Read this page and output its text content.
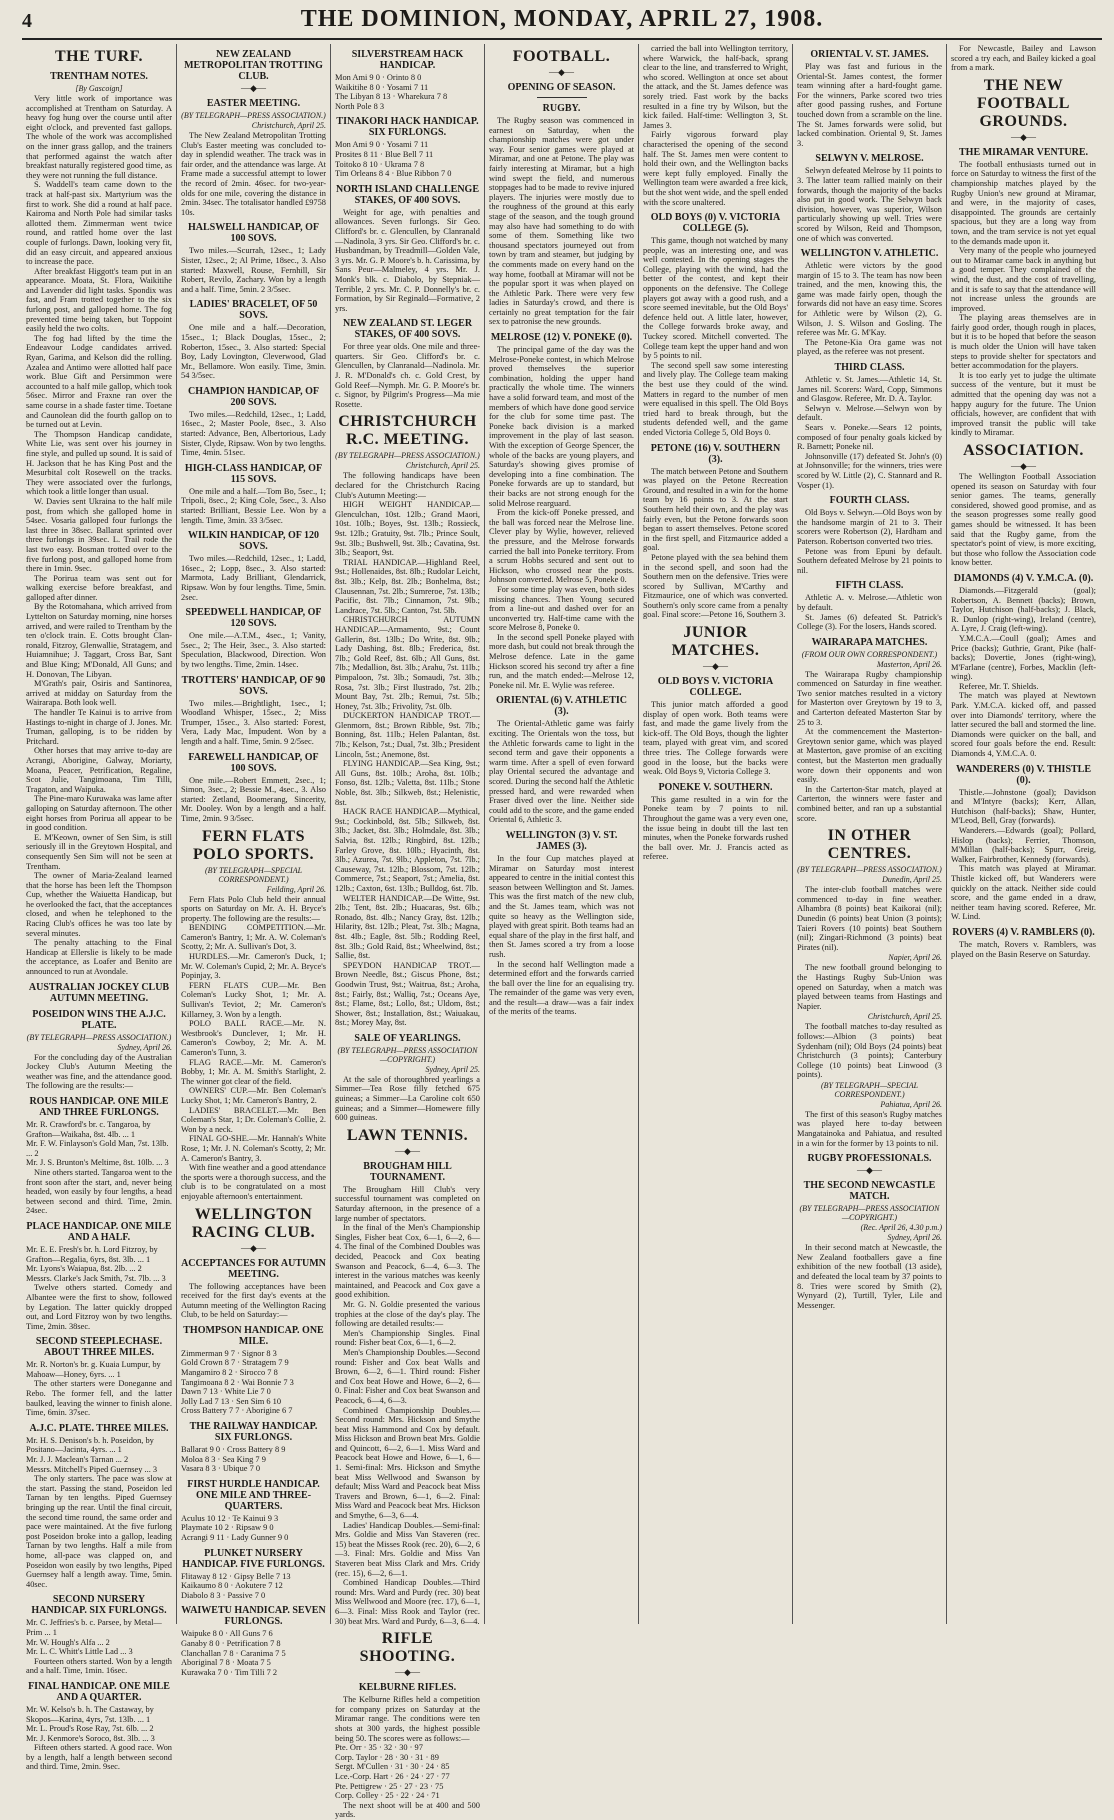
4	THE DOMINION, MONDAY, APRIL 27, 1908.
THE TURF.
TRENTHAM NOTES.
[By Gascoign]

Very little work of importance was accomplished at Trentham on Saturday. A heavy fog hung over the course until after eight o'clock, and prevented fast gallops. The whole of the work was accomplished on the inner grass gallop, and the trainers that performed against the watch after breakfast naturally registered good time, as they were not running the full distance.

S. Waddell's team came down to the track at half-past six. Martyrium was the first to work. She did a round at half pace. Kairoma and North Pole had similar tasks allotted them. Zimmerman went twice round, and rattled home over the last couple of furlongs. Dawn, looking very fit, did an easy circuit, and appeared anxious to increase the pace.

After breakfast Higgott's team put in an appearance. Moata, St. Flora, Waikitihe and Lavender did light tasks. Spondix was fast, and Fram trotted together to the six furlong post, and galloped home. The fog prevented time being taken, but Toppoint easily held the two colts.

The fog had lifted by the time the Endeavour Lodge candidates arrived. Ryan, Garima, and Kelson did the rolling. Azalea and Antimo were allotted half pace work. Blue Gift and Persimmon were accounted to a half mile gallop, which took 56sec. Mirror and Fraxne ran over the same course in a shade faster time. Toetane and Caunolean did the fourth gallop on to be turned out at Levin.

The Thompson Handicap candidate, White Lie, was sent over his journey in fine style, and pulled up sound. It is said of H. Jackson that he has King Post and the Mesurbital colt Rosewell on the tracks. They were associated over the furlongs, which took a little longer than usual.

W. Davies sent Ukraina to the half mile post, from which she galloped home in 54sec. Vosaria galloped four furlongs the last three in 38sec. Ballarat sprinted over three furlongs in 39sec. L. Trail rode the last two easy. Bosman trotted over to the five furlong post, and galloped home from there in 1min. 9sec.

The Porirua team was sent out for walking exercise before breakfast, and galloped after dinner.

By the Rotomahana, which arrived from Lyttelton on Saturday morning, nine horses arrived, and were railed to Trentham by the ten o'clock train. E. Cotts brought Clan-ronald, Fitzroy, Glenwallie, Stratagem, and Huiamnihue; J. Taggart, Cross Bar, Sant and Blue King; M'Donald, All Guns; and H. Donovan, The Libyan.

M'Grath's pair, Osiris and Santinorea, arrived at midday on Saturday from the Wairarapa. Both look well.

The handler Te Kainui is to arrive from Hastings to-night in charge of J. Jones. Mr. Truman, galloping, is to be ridden by Pritchard.

Other horses that may arrive to-day are Acrangi, Aborigine, Galway, Moriarty, Moana, Peacer, Petrification, Regaline, Scot Julie, Tangimoana, Tim Tilli, Tragaton, and Waipuka.

The Pine-maro Kuruwaka was lame after galloping on Saturday afternoon. The other eight horses from Porirua all appear to be in good condition.

E. M'Keown, owner of Sen Sim, is still seriously ill in the Greytown Hospital, and consequently Sen Sim will not be seen at Trentham.

The owner of Maria-Zealand learned that the horse has been left the Thompson Cup, whether the Waiuetta Handicap, but he overlooked the fact, that the acceptances closed, and when he telephoned to the Racing Club's offices he was too late by several minutes.

The penalty attaching to the Final Handicap at Ellerslie is likely to be made the acceptance, as Loafer and Benito are announced to run at Avondale.

AUSTRALIAN JOCKEY CLUB AUTUMN MEETING.
POSEIDON WINS THE A.J.C. PLATE.
(BY TELEGRAPH—PRESS ASSOCIATION.)
Sydney, April 26.

For the concluding day of the Australian Jockey Club's Autumn Meeting the weather was fine, and the attendance good. The following are the results:—

ROUS HANDICAP. ONE MILE AND THREE FURLONGS.
Mr. R. Crawford's br. c. Tangaroa, by Grafton—Waikaha, 8st. 4lb. ... 1
Mr. F. W. Finlayson's Gold Man, 7st. 13lb. ... 2
Mr. J. S. Brunton's Meltime, 8st. 10lb. ... 3

Nine others started. Tangaroa went to the front soon after the start, and, never being headed, won easily by four lengths, a head between second and third. Time, 2min. 24sec.

PLACE HANDICAP. ONE MILE AND A HALF.
Mr. E. E. Fresh's br. h. Lord Fitzroy, by Grafton—Regalia, 6yrs, 8st. 3lb. ... 1
Mr. Lyons's Waiapua, 8st. 2lb. ... 2
Messrs. Clarke's Jack Smith, 7st. 7lb. ... 3

Twelve others started. Comedy and Albantee were the first to show, followed by Legation. The latter quickly dropped out, and Lord Fitzroy won by two lengths. Time, 2min. 38sec.

SECOND STEEPLECHASE. ABOUT THREE MILES.
Mr. R. Norton's br. g. Kuaia Lumpur, by Mahoaw—Honey, 6yrs. ... 1

The other starters were Doneganne and Rebo. The former fell, and the latter baulked, leaving the winner to finish alone. Time, 6min. 37sec.

A.J.C. PLATE. THREE MILES.
Mr. H. S. Denison's b. h. Poseidon, by Positano—Jacinta, 4yrs. ... 1
Mr. J. J. Maclean's Tarnan ... 2
Messrs. Mitchell's Piped Guernsey ... 3

The only starters. The pace was slow at the start. Passing the stand, Poseidon led Tarnan by ten lengths. Piped Guernsey bringing up the rear. Until the final circuit, the second time round, the same order and pace were maintained. At the five furlong post Poseidon broke into a gallop, leading Tarnan by two lengths. Half a mile from home, all-pace was clapped on, and Poseidon won easily by two lengths, Piped Guernsey half a length away. Time, 5min. 40sec.

SECOND NURSERY HANDICAP. SIX FURLONGS.
Mr. C. Jeffries's b. c. Parsee, by Metal—Prim ... 1
Mr. W. Hough's Alfa ... 2
Mr. L. C. Whitt's Little Lad ... 3

Fourteen others started. Won by a length and a half. Time, 1min. 16sec.

FINAL HANDICAP. ONE MILE AND A QUARTER.
Mr. W. Kelso's b. h. The Castaway, by Skopos—Karina, 4yrs, 7st. 13lb. ... 1
Mr. L. Proud's Rose Ray, 7st. 6lb. ... 2
Mr. J. Kenmore's Soroco, 8st. 3lb. ... 3

Fifteen others started. A good race. Won by a length, half a length between second and third. Time, 2min. 9sec.

NEW ZEALAND METROPOLITAN TROTTING CLUB.
—◆—
EASTER MEETING.
(BY TELEGRAPH—PRESS ASSOCIATION.)
Christchurch, April 25.

The New Zealand Metropolitan Trotting Club's Easter meeting was concluded to-day in splendid weather. The track was in fair order, and the attendance was large. At Frame made a successful attempt to lower the record of 2min. 46sec. for two-year-olds for one mile, covering the distance in 2min. 34sec. The totalisator handled £9758 10s.

HALSWELL HANDICAP, OF 100 SOVS.

Two miles.—Scurrah, 12sec., 1; Lady Sister, 12sec., 2; Al Prime, 18sec., 3. Also started: Maxwell, Rouse, Fernhill, Sir Robert, Revilo, Zachary. Won by a length and a half. Time, 5min. 2 3/5sec.

LADIES' BRACELET, OF 50 SOVS.

One mile and a half.—Decoration, 15sec., 1; Black Douglas, 15sec., 2; Roberton, 15sec., 3. Also started: Special Boy, Lady Lovington, Cleverwood, Glad Mr., Bellamore. Won easily. Time, 3min. 54 3/5sec.

CHAMPION HANDICAP, OF 200 SOVS.

Two miles.—Redchild, 12sec., 1; Ladd, 16sec., 2; Master Poole, 8sec., 3. Also started: Advance, Ben, Albertorious, Lady Sister, Clyde, Ripsaw. Won by two lengths. Time, 4min. 51sec.

HIGH-CLASS HANDICAP, OF 115 SOVS.

One mile and a half.—Tom Bo, 5sec., 1; Tripoli, 8sec., 2; King Cole, 5sec., 3. Also started: Brilliant, Bessie Lee. Won by a length. Time, 3min. 33 3/5sec.

WILKIN HANDICAP, OF 120 SOVS.

Two miles.—Redchild, 12sec., 1; Ladd, 16sec., 2; Lopp, 8sec., 3. Also started: Marmota, Lady Brilliant, Glendarrick, Ripsaw. Won by four lengths. Time, 5min. 2sec.

SPEEDWELL HANDICAP, OF 120 SOVS.

One mile.—A.T.M., 4sec., 1; Vanity, 5sec., 2; The Heir, 3sec., 3. Also started: Speculation, Blackwood, Direction. Won by two lengths. Time, 2min. 14sec.

TROTTERS' HANDICAP, OF 90 SOVS.

Two miles.—Brightlight, 1sec., 1; Woodland Whisper, 15sec., 2; Miss Trumper, 15sec., 3. Also started: Forest, Vera, Lady Mac, Impudent. Won by a length and a half. Time, 5min. 9 2/5sec.

FAREWELL HANDICAP, OF 100 SOVS.

One mile.—Robert Emmett, 2sec., 1; Simon, 3sec., 2; Bessie M., 4sec., 3. Also started: Zetland, Boomerang, Sincerity, Mr. Dooley. Won by a length and a half. Time, 2min. 9 3/5sec.

FERN FLATS POLO SPORTS.
(BY TELEGRAPH—SPECIAL CORRESPONDENT.)
Feilding, April 26.

Fern Flats Polo Club held their annual sports on Saturday on Mr. A. H. Bryce's property. The following are the results:—

BENDING COMPETITION.—Mr. Cameron's Bantry, 1; Mr. A. W. Coleman's Scotty, 2; Mr. A. Sullivan's Dot, 3.

HURDLES.—Mr. Cameron's Duck, 1; Mr. W. Coleman's Cupid, 2; Mr. A. Bryce's Popinjay, 3.

FERN FLATS CUP.—Mr. Ben Coleman's Lucky Shot, 1; Mr. A. Sullivan's Teviot, 2; Mr. Cameron's Killarney, 3. Won by a length.

POLO BALL RACE.—Mr. N. Westbrook's Dunclever, 1; Mr. H. Cameron's Cowboy, 2; Mr. A. M. Cameron's Tunn, 3.

FLAG RACE.—Mr. M. Cameron's Bobby, 1; Mr. A. M. Smith's Starlight, 2. The winner got clear of the field.

OWNERS' CUP.—Mr. Ben Coleman's Lucky Shot, 1; Mr. Cameron's Bantry, 2.

LADIES' BRACELET.—Mr. Ben Coleman's Star, 1; Dr. Coleman's Collie, 2. Won by a neck.

FINAL GO-SHE.—Mr. Hannah's White Rose, 1; Mr. J. N. Coleman's Scotty, 2; Mr. A. Cameron's Bantry, 3.

With fine weather and a good attendance the sports were a thorough success, and the club is to be congratulated on a most enjoyable afternoon's entertainment.

WELLINGTON RACING CLUB.
—◆—
ACCEPTANCES FOR AUTUMN MEETING.

The following acceptances have been received for the first day's events at the Autumn meeting of the Wellington Racing Club, to be held on Saturday:—

THOMPSON HANDICAP. ONE MILE.
Zimmerman 9 7 · Signor 8 3
Gold Crown 8 7 · Stratagem 7 9
Mangamiro 8 2 · Sirocco 7 8
Tangimoana 8 2 · Wai Bonnie 7 3
Dawn 7 13 · White Lie 7 0
Jolly Lad 7 13 · Sen Sim 6 10
Cross Battery 7 7 · Aborigine 6 7
THE RAILWAY HANDICAP. SIX FURLONGS.
Ballarat 9 0 · Cross Battery 8 9
Moloa 8 3 · Sea King 7 9
Vasara 8 3 · Ubique 7 0
FIRST HURDLE HANDICAP. ONE MILE AND THREE-QUARTERS.
Aculus 10 12 · Te Kainui 9 3
Playmate 10 2 · Ripsaw 9 0
Acrangi 9 11 · Lady Gunner 9 0
PLUNKET NURSERY HANDICAP. FIVE FURLONGS.
Flitaway 8 12 · Gipsy Belle 7 13
Kaikaumo 8 0 · Aokutere 7 12
Diabolo 8 3 · Passive 7 0
WAIWETU HANDICAP. SEVEN FURLONGS.
Waipuke 8 0 · All Guns 7 6
Ganaby 8 0 · Petrification 7 8
Clanchallan 7 8 · Caranima 7 5
Aboriginal 7 8 · Moata 7 5
Kurawaka 7 0 · Tim Tilli 7 2
SILVERSTREAM HACK HANDICAP.
Mon Ami 9 0 · Orinto 8 0
Waikitihe 8 0 · Yosami 7 11
The Libyan 8 13 · Wharekura 7 8
North Pole 8 3
TINAKORI HACK HANDICAP. SIX FURLONGS.
Mon Ami 9 0 · Yosami 7 11
Prosites 8 11 · Blue Bell 7 11
Toitoko 8 10 · Ukrama 7 8
Tim Orleans 8 4 · Blue Ribbon 7 0
NORTH ISLAND CHALLENGE STAKES, OF 400 SOVS.

Weight for age, with penalties and allowances. Seven furlongs. Sir Geo. Clifford's br. c. Glencullen, by Clanranald—Nadinola, 3 yrs. Sir Geo. Clifford's br. c. Husbandman, by Treadmill—Golden Vale, 3 yrs. Mr. G. P. Moore's b. h. Carissima, by Sans Peur—Malmeley, 4 yrs. Mr. J. Monk's blk. c. Diabolo, by Stepniak—Terrible, 2 yrs. Mr. C. P. Donnelly's br. c. Formation, by Sir Reginald—Formative, 2 yrs.

NEW ZEALAND ST. LEGER STAKES, OF 400 SOVS.

For three year olds. One mile and three-quarters. Sir Geo. Clifford's br. c. Glencullen, by Clanranald—Nadinola. Mr. J. R. M'Donald's ch. c. Gold Crest, by Gold Reef—Nymph. Mr. G. P. Moore's br. c. Signor, by Pilgrim's Progress—Ma mie Rosette.

CHRISTCHURCH R.C. MEETING.
(BY TELEGRAPH—PRESS ASSOCIATION.)
Christchurch, April 25.

The following handicaps have been declared for the Christchurch Racing Club's Autumn Meeting:—

HIGH WEIGHT HANDICAP.—Glenculchan, 10st. 12lb.; Grand Maori, 10st. 10lb.; Boyes, 9st. 13lb.; Rossieck, 9st. 12lb.; Gratuity, 9st. 7lb.; Prince Soult, 9st. 3lb.; Bushwell, 9st. 3lb.; Cavatina, 9st. 3lb.; Seaport, 9st.

TRIAL HANDICAP.—Highland Reel, 9st.; Hollenaides, 8st. 8lb.; Rudolar Leicht, 8st. 3lb.; Kelp, 8st. 2lb.; Bonhelma, 8st.; Clausennan, 7st. 2lb.; Sumreroe, 7st. 13lb.; Pacific, 8st. 7lb.; Cinnamon, 7st. 9lb.; Landrace, 7st. 5lb.; Canton, 7st. 5lb.

CHRISTCHURCH AUTUMN HANDICAP.—Armamento, 9st.; Count Gallerin, 8st. 13lb.; Do Write, 8st. 9lb.; Lady Dashing, 8st. 8lb.; Frederica, 8st. 7lb.; Gold Reef, 8st. 6lb.; All Guns, 8st. 7lb.; Medallion, 8st. 3lb.; Arahu, 7st. 11lb.; Pimpaloon, 7st. 3lb.; Somaudi, 7st. 3lb.; Rosa, 7st. 3lb.; First Ilustrado, 7st. 2lb.; Mount Bay, 7st. 2lb.; Remui, 7st. 5lb.; Honey, 7st. 3lb.; Frivolity, 7st. 0lb.

DUCKERTON HANDICAP TROT.—Glenmorn, 8st.; Brown Ribble, 9st. 7lb.; Bonning, 8st. 11lb.; Helen Palantan, 8st. 7lb.; Kelson, 7st.; Dual, 7st. 3lb.; President Lincoln, 5st.; Anemone, 8st.

FLYING HANDICAP.—Sea King, 9st.; All Guns, 8st. 10lb.; Aroha, 8st. 10lb.; Fonso, 8st. 12lb.; Valetta, 8st. 11lb.; Stone Noble, 8st. 3lb.; Silkweb, 8st.; Helenistic, 8st.

HACK RACE HANDICAP.—Mythical, 9st.; Cockinbold, 8st. 5lb.; Silkweb, 8st. 3lb.; Jacket, 8st. 3lb.; Holmdale, 8st. 3lb.; Salvia, 8st. 12lb.; Ringbird, 8st. 12lb.; Farley Grove, 8st. 10lb.; Hyacinth, 8st. 3lb.; Azurea, 7st. 9lb.; Appleton, 7st. 7lb.; Causeway, 7st. 12lb.; Blossom, 7st. 12lb.; Commerce, 7st.; Seaport, 7st.; Amelia, 8st. 12lb.; Caxton, 6st. 13lb.; Bulldog, 6st. 7lb.

WELTER HANDICAP.—De Witte, 9st. 2lb.; Tent, 8st. 2lb.; Huacaras, 9st. 6lb.; Ronado, 8st. 4lb.; Nancy Gray, 8st. 12lb.; Hilarity, 8st. 12lb.; Pleat, 7st. 3lb.; Magna, 8st. 4lb.; Eagle, 8st. 5lb.; Rodding Reel, 8st. 3lb.; Gold Raid, 8st.; Wheelwind, 8st.; Sallie, 8st.

SPEYDON HANDICAP TROT.—Brown Needle, 8st.; Giscus Phone, 8st.; Goodwin Trust, 9st.; Waitrua, 8st.; Aroha, 8st.; Fairly, 8st.; Walliq, 7st.; Oceans Aye, 8st.; Flame, 8st.; Lollo, 8st.; Uldom, 8st.; Shower, 8st.; Installation, 8st.; Waiuakau, 8st.; Morey May, 8st.

SALE OF YEARLINGS.
(BY TELEGRAPH—PRESS ASSOCIATION—COPYRIGHT.)
Sydney, April 25.

At the sale of thoroughbred yearlings a Simmer—Tea Rose filly fetched 675 guineas; a Simmer—La Caroline colt 650 guineas; and a Simmer—Homewere filly 600 guineas.

LAWN TENNIS.
—◆—
BROUGHAM HILL TOURNAMENT.

The Brougham Hill Club's very successful tournament was completed on Saturday afternoon, in the presence of a large number of spectators.

In the final of the Men's Championship Singles, Fisher beat Cox, 6—1, 6—2, 6—4. The final of the Combined Doubles was decided, Peacock and Cox beating Swanson and Peacock, 6—4, 6—3. The interest in the various matches was keenly maintained, and Peacock and Cox gave a good exhibition.

Mr. G. N. Goldie presented the various trophies at the close of the day's play. The following are detailed results:—

Men's Championship Singles. Final round: Fisher beat Cox, 6—1, 6—2.

Men's Championship Doubles.—Second round: Fisher and Cox beat Walls and Brown, 6—2, 6—1. Third round: Fisher and Cox beat Howe and Howe, 6—2, 6—0. Final: Fisher and Cox beat Swanson and Peacock, 6—4, 6—3.

Combined Championship Doubles.—Second round: Mrs. Hickson and Smythe beat Miss Hammond and Cox by default. Miss Hickson and Brown beat Mrs. Goldie and Quincott, 6—2, 6—1. Miss Ward and Peacock beat Howe and Howe, 6—1, 6—1. Semi-final: Mrs. Hickson and Smythe beat Miss Wellwood and Swanson by default; Miss Ward and Peacock beat Miss Travers and Brown, 6—1, 6—2. Final: Miss Ward and Peacock beat Mrs. Hickson and Smythe, 6—3, 6—4.

Ladies' Handicap Doubles.—Semi-final: Mrs. Goldie and Miss Van Staveren (rec. 15) beat the Misses Rook (rec. 20), 6—2, 6—3. Final: Mrs. Goldie and Miss Van Staveren beat Miss Clark and Mrs. Cridy (rec. 15), 6—2, 6—1.

Combined Handicap Doubles.—Third round: Mrs. Ward and Purdy (rec. 30) beat Miss Wellwood and Moore (rec. 17), 6—1, 6—3. Final: Miss Rook and Taylor (rec. 30) beat Mrs. Ward and Purdy, 6—3, 6—4.

RIFLE SHOOTING.
—◆—
KELBURNE RIFLES.

The Kelburne Rifles held a competition for company prizes on Saturday at the Miramar range. The conditions were ten shots at 300 yards, the highest possible being 50. The scores were as follows:—

Pte. Orr · 35 · 32 · 30 · 97
Corp. Taylor · 28 · 30 · 31 · 89
Sergt. M'Cullen · 31 · 30 · 24 · 85
Lce.-Corp. Hart · 26 · 24 · 27 · 77
Pte. Pettigrew · 25 · 27 · 23 · 75
Corp. Colley · 25 · 22 · 24 · 71

The next shoot will be at 400 and 500 yards.

FOOTBALL.
—◆—
OPENING OF SEASON.
RUGBY.

The Rugby season was commenced in earnest on Saturday, when the championship matches were got under way. Four senior games were played at Miramar, and one at Petone. The play was fairly interesting at Miramar, but a high wind swept the field, and numerous stoppages had to be made to revive injured players. The injuries were mostly due to the roughness of the ground at this early stage of the season, and the tough ground may also have had something to do with some of them. Something like two thousand spectators journeyed out from town by tram and steamer, but judging by the comments made on every hand on the way home, football at Miramar will not be the popular sport it was when played on the Athletic Park. There were very few ladies in Saturday's crowd, and there is certainly no great temptation for the fair sex to patronise the new grounds.

MELROSE (12) V. PONEKE (0).

The principal game of the day was the Melrose-Poneke contest, in which Melrose proved themselves the superior combination, holding the upper hand practically the whole time. The winners have a solid forward team, and most of the members of which have done good service for the club for some time past. The Poneke back division is a marked improvement in the play of last season. With the exception of George Spencer, the whole of the backs are young players, and Saturday's showing gives promise of developing into a fine combination. The Poneke forwards are up to standard, but their backs are not strong enough for the solid Melrose rearguard.

From the kick-off Poneke pressed, and the ball was forced near the Melrose line. Clever play by Wylie, however, relieved the pressure, and the Melrose forwards carried the ball into Poneke territory. From a scrum Hobbs secured and sent out to Hickson, who crossed near the posts. Johnson converted. Melrose 5, Poneke 0.

For some time play was even, both sides missing chances. Then Young secured from a line-out and dashed over for an unconverted try. Half-time came with the score Melrose 8, Poneke 0.

In the second spell Poneke played with more dash, but could not break through the Melrose defence. Late in the game Hickson scored his second try after a fine run, and the match ended:—Melrose 12, Poneke nil. Mr. E. Wylie was referee.

ORIENTAL (6) V. ATHLETIC (3).

The Oriental-Athletic game was fairly exciting. The Orientals won the toss, but the Athletic forwards came to light in the second term and gave their opponents a warm time. After a spell of even forward play Oriental secured the advantage and scored. During the second half the Athletic pressed hard, and were rewarded when Fraser dived over the line. Neither side could add to the score, and the game ended Oriental 6, Athletic 3.

WELLINGTON (3) V. ST. JAMES (3).

In the four Cup matches played at Miramar on Saturday most interest appeared to centre in the initial contest this season between Wellington and St. James. This was the first match of the new club, and the St. James team, which was not quite so heavy as the Wellington side, played with great spirit. Both teams had an equal share of the play in the first half, and then St. James scored a try from a loose rush.

In the second half Wellington made a determined effort and the forwards carried the ball over the line for an equalising try. The remainder of the game was very even, and the result—a draw—was a fair index of the merits of the teams.

carried the ball into Wellington territory, where Warwick, the half-back, sprang clear to the line, and transferred to Wright, who scored. Wellington at once set about the attack, and the St. James defence was sorely tried. Fast work by the backs resulted in a fine try by Wilson, but the kick failed. Half-time: Wellington 3, St. James 3.

Fairly vigorous forward play characterised the opening of the second half. The St. James men were content to hold their own, and the Wellington backs were kept fully employed. Finally the Wellington team were awarded a free kick, but the shot went wide, and the spell ended with the score unaltered.

OLD BOYS (0) V. VICTORIA COLLEGE (5).

This game, though not watched by many people, was an interesting one, and was well contested. In the opening stages the College, playing with the wind, had the better of the contest, and kept their opponents on the defensive. The College players got away with a good rush, and a score seemed inevitable, but the Old Boys' defence held out. A little later, however, the College forwards broke away, and Tuckey scored. Mitchell converted. The College team kept the upper hand and won by 5 points to nil.

The second spell saw some interesting and lively play. The College team making the best use they could of the wind. Matters in regard to the number of men were equalised in this spell. The Old Boys tried hard to break through, but the students defended well, and the game ended Victoria College 5, Old Boys 0.

PETONE (16) V. SOUTHERN (3).

The match between Petone and Southern was played on the Petone Recreation Ground, and resulted in a win for the home team by 16 points to 3. At the start Southern held their own, and the play was fairly even, but the Petone forwards soon began to assert themselves. Petone scored in the first spell, and Fitzmaurice added a goal.

Petone played with the sea behind them in the second spell, and soon had the Southern men on the defensive. Tries were scored by Sullivan, M'Carthy and Fitzmaurice, one of which was converted. Southern's only score came from a penalty goal. Final score:—Petone 16, Southern 3.

JUNIOR MATCHES.
—◆—
OLD BOYS V. VICTORIA COLLEGE.

This junior match afforded a good display of open work. Both teams were fast, and made the game lively from the kick-off. The Old Boys, though the lighter team, played with great vim, and scored three tries. The College forwards were good in the loose, but the backs were weak. Old Boys 9, Victoria College 3.

PONEKE V. SOUTHERN.

This game resulted in a win for the Poneke team by 7 points to nil. Throughout the game was a very even one, the issue being in doubt till the last ten minutes, when the Poneke forwards rushed the ball over. Mr. J. Francis acted as referee.

ORIENTAL V. ST. JAMES.

Play was fast and furious in the Oriental-St. James contest, the former team winning after a hard-fought game. For the winners, Parke scored two tries after good passing rushes, and Fortune touched down from a scramble on the line. The St. James forwards were solid, but lacked combination. Oriental 9, St. James 3.

SELWYN V. MELROSE.

Selwyn defeated Melrose by 11 points to 3. The latter team rallied mainly on their forwards, though the majority of the backs also put in good work. The Selwyn back division, however, was superior, Wilson particularly showing up well. Tries were scored by Wilson, Reid and Thompson, one of which was converted.

WELLINGTON V. ATHLETIC.

Athletic were victors by the good margin of 15 to 3. The team has now been trained, and the men, knowing this, the game was made fairly open, though the forwards did not have an easy time. Scores for Athletic were by Wilson (2), G. Wilson, J. S. Wilson and Gosling. The referee was Mr. G. M'Kay.

The Petone-Kia Ora game was not played, as the referee was not present.

THIRD CLASS.

Athletic v. St. James.—Athletic 14, St. James nil. Scorers: Ward, Copp, Simmons and Glasgow. Referee, Mr. D. A. Taylor.

Selwyn v. Melrose.—Selwyn won by default.

Sears v. Poneke.—Sears 12 points, composed of four penalty goals kicked by R. Barnett; Poneke nil.

Johnsonville (17) defeated St. John's (0) at Johnsonville; for the winners, tries were scored by W. Little (2), C. Stannard and R. Vosper (1).

FOURTH CLASS.

Old Boys v. Selwyn.—Old Boys won by the handsome margin of 21 to 3. Their scorers were Robertson (2), Hardham and Paterson. Robertson converted two tries.

Petone was from Epuni by default. Southern defeated Melrose by 21 points to nil.

FIFTH CLASS.

Athletic A. v. Melrose.—Athletic won by default.

St. James (6) defeated St. Patrick's College (3). For the losers, Hands scored.

WAIRARAPA MATCHES.
(FROM OUR OWN CORRESPONDENT.)
Masterton, April 26.

The Wairarapa Rugby championship commenced on Saturday in fine weather. Two senior matches resulted in a victory for Masterton over Greytown by 19 to 3, and Carterton defeated Masterton Star by 25 to 3.

At the commencement the Masterton-Greytown senior game, which was played at Masterton, gave promise of an exciting contest, but the Masterton men gradually wore down their opponents and won easily.

In the Carterton-Star match, played at Carterton, the winners were faster and combined better, and ran up a substantial score.

IN OTHER CENTRES.
(BY TELEGRAPH—PRESS ASSOCIATION.)
Dunedin, April 25.

The inter-club football matches were commenced to-day in fine weather. Alhambra (8 points) beat Kaikorai (nil); Dunedin (6 points) beat Union (3 points); Taieri Rovers (10 points) beat Southern (nil); Zingari-Richmond (3 points) beat Pirates (nil).

Napier, April 26.

The new football ground belonging to the Hastings Rugby Sub-Union was opened on Saturday, when a match was played between teams from Hastings and Napier.

Christchurch, April 25.

The football matches to-day resulted as follows:—Albion (3 points) beat Sydenham (nil); Old Boys (24 points) beat Christchurch (3 points); Canterbury College (10 points) beat Linwood (3 points).

(BY TELEGRAPH—SPECIAL CORRESPONDENT.)
Pahiatua, April 26.

The first of this season's Rugby matches was played here to-day between Mangatainoka and Pahiatua, and resulted in a win for the former by 13 points to nil.

RUGBY PROFESSIONALS.
—◆—
THE SECOND NEWCASTLE MATCH.
(BY TELEGRAPH—PRESS ASSOCIATION—COPYRIGHT.)
(Rec. April 26, 4.30 p.m.)
Sydney, April 26.

In their second match at Newcastle, the New Zealand footballers gave a fine exhibition of the new football (13 aside), and defeated the local team by 37 points to 8. Tries were scored by Smith (2), Wynyard (2), Turtill, Tyler, Lile and Messenger.

For Newcastle, Bailey and Lawson scored a try each, and Bailey kicked a goal from a mark.

THE NEW FOOTBALL GROUNDS.
—◆—
THE MIRAMAR VENTURE.

The football enthusiasts turned out in force on Saturday to witness the first of the championship matches played by the Rugby Union's new ground at Miramar, and were, in the majority of cases, disappointed. The grounds are certainly spacious, but they are a long way from town, and the tram service is not yet equal to the demands made upon it.

Very many of the people who journeyed out to Miramar came back in anything but a good temper. They complained of the wind, the dust, and the cost of travelling, and it is safe to say that the attendance will not increase unless the grounds are improved.

The playing areas themselves are in fairly good order, though rough in places, but it is to be hoped that before the season is much older the Union will have taken steps to provide shelter for spectators and better accommodation for the players.

It is too early yet to judge the ultimate success of the venture, but it must be admitted that the opening day was not a happy augury for the future. The Union officials, however, are confident that with improved transit the public will take kindly to Miramar.

ASSOCIATION.
—◆—

The Wellington Football Association opened its season on Saturday with four senior games. The teams, generally considered, showed good promise, and as the season progresses some really good games should be witnessed. It has been said that the Rugby game, from the spectator's point of view, is more exciting, but those who follow the Association code know better.

DIAMONDS (4) V. Y.M.C.A. (0).

Diamonds.—Fitzgerald (goal); Robertson, A. Bennett (backs); Brown, Taylor, Hutchison (half-backs); J. Black, R. Dunlop (right-wing), Ireland (centre), A. Lyre, J. Craig (left-wing).

Y.M.C.A.—Coull (goal); Ames and Price (backs); Guthrie, Grant, Pike (half-backs); Dovertie, Jones (right-wing), M'Farlane (centre), Forbes, Macklin (left-wing).

Referee, Mr. T. Shields.

The match was played at Newtown Park. Y.M.C.A. kicked off, and passed over into Diamonds' territory, where the latter secured the ball and stormed the line. Diamonds were quicker on the ball, and scored four goals before the end. Result: Diamonds 4, Y.M.C.A. 0.

WANDERERS (0) V. THISTLE (0).

Thistle.—Johnstone (goal); Davidson and M'Intyre (backs); Kerr, Allan, Hutchison (half-backs); Shaw, Hunter, M'Leod, Bell, Gray (forwards).

Wanderers.—Edwards (goal); Pollard, Hislop (backs); Ferrier, Thomson, M'Millan (half-backs); Spurr, Greig, Walker, Fairbrother, Kennedy (forwards).

This match was played at Miramar. Thistle kicked off, but Wanderers were quickly on the attack. Neither side could score, and the game ended in a draw, neither team having scored. Referee, Mr. W. Lind.

ROVERS (4) V. RAMBLERS (0).

The match, Rovers v. Ramblers, was played on the Basin Reserve on Saturday.
